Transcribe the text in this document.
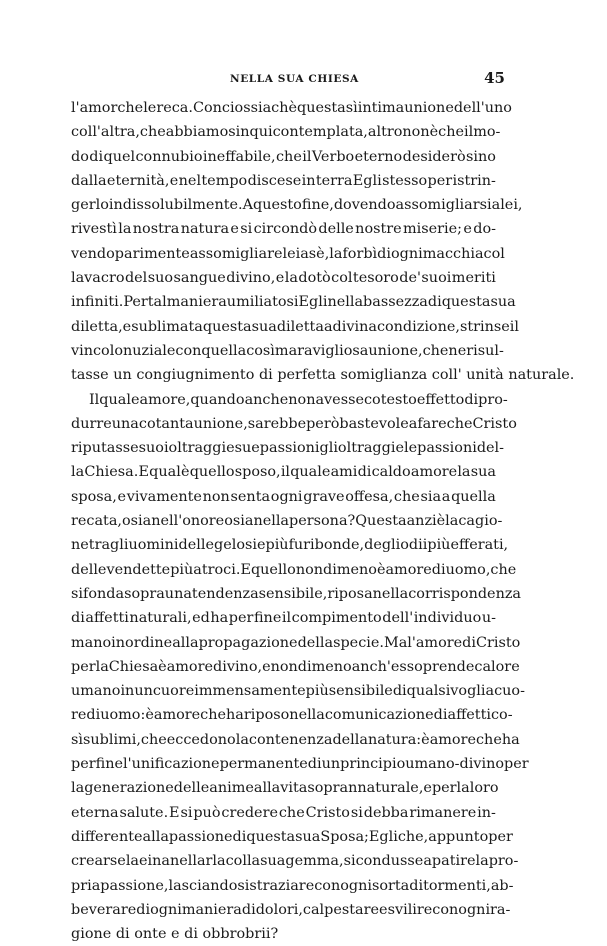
NELLA SUA CHIESA	45
l' amor che le reca. Conciossiachè questa sì intima unione dell' uno
coll' altra, che abbiamo sin qui contemplata, altro non è che il mo-
do di quel connubio ineffabile, che il Verbo eterno desiderò sino
dalla eternità, e nel tempo discese in terra Egli stesso per istrin-
gerlo indissolubilmente. A questo fine, dovendo assomigliarsi a lei,
rivestì la nostra natura e si circondò delle nostre miserie; e do-
vendo parimente assomigliare lei a sè, la forbì di ogni macchia col
lavacro del suo sangue divino, e la dotò col tesoro de' suoi meriti
infiniti. Per tal maniera umiliatosi Egli nella bassezza di questa sua
diletta, e sublimata questa sua diletta a divina condizione, strinse il
vincolo nuziale con quella così maravigliosa unione, che ne risul-
tasse un congiugnimento di perfetta somiglianza coll' unità naturale.
Il quale amore, quando anche non avesse cotesto effetto di pro-
durre una cotanta unione, sarebbe però bastevole a fare che Cristo
riputasse suoi oltraggi e sue passioni gli oltraggi e le passioni del-
la Chiesa. E qual è quello sposo, il quale ami di caldo amore la sua
sposa, e vivamente non senta ogni grave offesa, che sia a quella
recata, o sia nell' onore o sia nella persona? Questa anzi è la cagio-
ne tra gli uomini delle gelosie più furibonde, degli odii più efferati,
delle vendette più atroci. E quello nondimeno è amore di uomo, che
si fonda sopra una tendenza sensibile, riposa nella corrispondenza
di affetti naturali, ed ha per fine il compimento dell' individuo u-
mano in ordine alla propagazione della specie. Ma l' amore di Cristo
per la Chiesa è amore divino, e nondimeno anch' esso prende calore
umano in un cuore immensamente più sensibile di qualsivoglia cuo-
re di uomo: è amore che ha riposo nella comunicazione di affetti co-
sì sublimi, che eccedono la contenenza della natura: è amore che ha
per fine l' unificazione permanente di un principio umano-divino per
la generazione delle anime alla vita soprannaturale, e per la loro
eterna salute. E si può credere che Cristo si debba rimanere in-
differente alla passione di questa sua Sposa; Egli che, appunto per
crearsela e inanellarla colla sua gemma, si condusse a patire la pro-
pria passione, lasciandosi straziare con ogni sorta di tormenti, ab-
beverare di ogni maniera di dolori, calpestare e svilire con ogni ra-
gione di onte e di obbrobrii?
